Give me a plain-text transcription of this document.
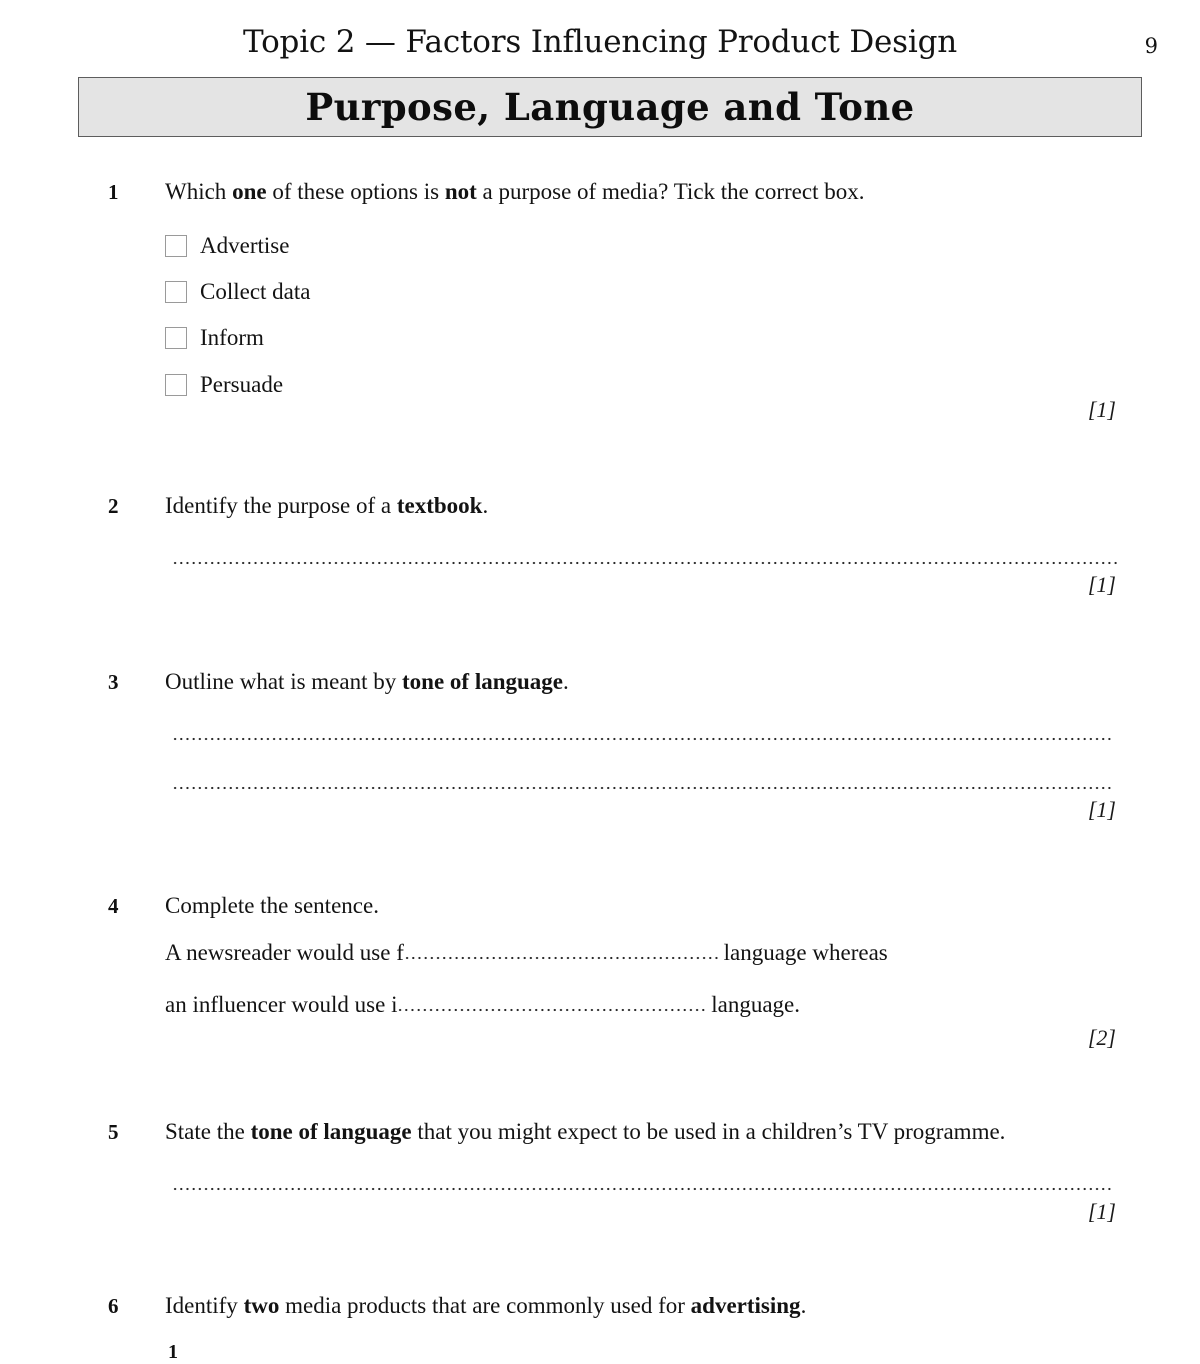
Topic 2 — Factors Influencing Product Design	9
Purpose, Language and Tone
1	Which one of these options is not a purpose of media? Tick the correct box.
Advertise
Collect data
Inform
Persuade
[1]
2	Identify the purpose of a textbook.
[1]
3	Outline what is meant by tone of language.
[1]
4	Complete the sentence.
A newsreader would use f	language whereas
an influencer would use i	language.
[2]
5	State the tone of language that you might expect to be used in a children’s TV programme.
[1]
6	Identify two media products that are commonly used for advertising.
1
